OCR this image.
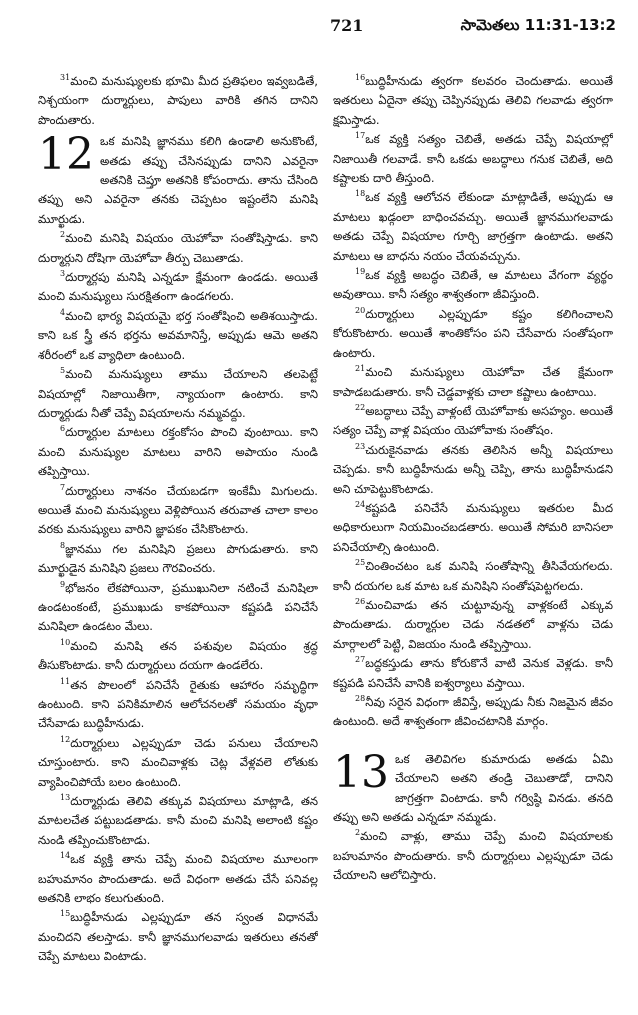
721	సామెతలు 11:31-13:2

$^{31}$మంచి మనుష్యులకు భూమి మీద ప్రతిఫలం ఇవ్వబడితే, నిశ్చయంగా దుర్మార్గులు, పాపులు వారికి తగిన దానిని పొందుతారు.

12 ఒక మనిషి జ్ఞానము కలిగి ఉండాలి అనుకొంటే, అతడు తప్పు చేసినప్పుడు దానిని ఎవరైనా అతనికి చెప్తూ అతనికి కోపంరాదు. తాను చేసింది తప్పు అని ఎవరైనా తనకు చెప్పటం ఇష్టంలేని మనిషి మూర్ఖుడు.

$^2$మంచి మనిషి విషయం యెహోవా సంతోషిస్తాడు. కాని దుర్మార్గుని దోషిగా యెహోవా తీర్పు చెబుతాడు.

$^3$దుర్మార్గపు మనిషి ఎన్నడూ క్షేమంగా ఉండడు. అయితే మంచి మనుష్యులు సురక్షితంగా ఉండగలరు.

$^4$మంచి భార్య విషయమై భర్త సంతోషించి అతిశయిస్తాడు. కాని ఒక స్త్రీ తన భర్తను అవమానిస్తే, అప్పుడు ఆమె అతని శరీరంలో ఒక వ్యాధిలా ఉంటుంది.

$^5$మంచి మనుష్యులు తాము చేయాలని తలపెట్టే విషయాల్లో నిజాయితీగా, న్యాయంగా ఉంటారు. కాని దుర్మార్గుడు నీతో చెప్పే విషయాలను నమ్మవద్దు.

$^6$దుర్మార్గుల మాటలు రక్తంకోసం పొంచి వుంటాయి. కాని మంచి మనుష్యుల మాటలు వారిని అపాయం నుండి తప్పిస్తాయి.

$^7$దుర్మార్గులు నాశనం చేయబడగా ఇంకేమీ మిగులదు. అయితే మంచి మనుష్యులు వెళ్లిపోయిన తరువాత చాలా కాలం వరకు మనుష్యులు వారిని జ్ఞాపకం చేసికొంటారు.

$^8$జ్ఞానము గల మనిషిని ప్రజలు పొగుడుతారు. కాని మూర్ఖుడైన మనిషిని ప్రజలు గౌరవించరు.

$^9$భోజనం లేకపోయినా, ప్రముఖునిలా నటించే మనిషిలా ఉండటంకంటే, ప్రముఖుడు కాకపోయినా కష్టపడి పనిచేసే మనిషిలా ఉండటం మేలు.

$^{10}$మంచి మనిషి తన పశువుల విషయం శ్రద్ధ తీసుకొంటాడు. కానీ దుర్మార్గులు దయగా ఉండలేరు.

$^{11}$తన పొలంలో పనిచేసే రైతుకు ఆహారం సమృద్ధిగా ఉంటుంది. కాని పనికిమాలిన ఆలోచనలతో సమయం వృధా చేసేవాడు బుద్ధిహీనుడు.

$^{12}$దుర్మార్గులు ఎల్లప్పుడూ చెడు పనులు చేయాలని చూస్తుంటారు. కాని మంచివాళ్లకు చెట్ల వేళ్లవలె లోతుకు వ్యాపించిపోయే బలం ఉంటుంది.

$^{13}$దుర్మార్గుడు తెలివి తక్కువ విషయాలు మాట్లాడి, తన మాటలచేత పట్టుబడతాడు. కానీ మంచి మనిషి అలాంటి కష్టం నుండి తప్పించుకొంటాడు.

$^{14}$ఒక వ్యక్తి తాను చెప్పే మంచి విషయాల మూలంగా బహుమానం పొందుతాడు. అదే విధంగా అతడు చేసే పనివల్ల అతనికి లాభం కలుగుతుంది.

$^{15}$బుద్ధిహీనుడు ఎల్లప్పుడూ తన స్వంత విధానమే మంచిదని తలస్తాడు. కానీ జ్ఞానముగలవాడు ఇతరులు తనతో చెప్పే మాటలు వింటాడు.

$^{16}$బుద్ధిహీనుడు త్వరగా కలవరం చెందుతాడు. అయితే ఇతరులు ఏదైనా తప్పు చెప్పినప్పుడు తెలివి గలవాడు త్వరగా క్షమిస్తాడు.

$^{17}$ఒక వ్యక్తి సత్యం చెబితే, అతడు చెప్పే విషయాల్లో నిజాయితీ గలవాడే. కానీ ఒకడు అబద్ధాలు గనుక చెబితే, అది కష్టాలకు దారి తీస్తుంది.

$^{18}$ఒక వ్యక్తి ఆలోచన లేకుండా మాట్లాడితే, అప్పుడు ఆ మాటలు ఖడ్గంలా బాధించవచ్చు. అయితే జ్ఞానముగలవాడు అతడు చెప్పే విషయాల గూర్చి జాగ్రత్తగా ఉంటాడు. అతని మాటలు ఆ బాధను నయం చేయవచ్చును.

$^{19}$ఒక వ్యక్తి అబద్ధం చెబితే, ఆ మాటలు వేగంగా వ్యర్థం అవుతాయి. కానీ సత్యం శాశ్వతంగా జీవిస్తుంది.

$^{20}$దుర్మార్గులు ఎల్లప్పుడూ కష్టం కలిగించాలని కోరుకొంటారు. అయితే శాంతికోసం పని చేసేవారు సంతోషంగా ఉంటారు.

$^{21}$మంచి మనుష్యులు యెహోవా చేత క్షేమంగా కాపాడబడుతారు. కానీ చెడ్డవాళ్లకు చాలా కష్టాలు ఉంటాయి.

$^{22}$అబద్ధాలు చెప్పే వాళ్లంటే యెహోవాకు అసహ్యం. అయితే సత్యం చెప్పే వాళ్ల విషయం యెహోవాకు సంతోషం.

$^{23}$చురుకైనవాడు తనకు తెలిసిన అన్నీ విషయాలు చెప్పడు. కానీ బుద్ధిహీనుడు అన్నీ చెప్పి, తాను బుద్ధిహీనుడని అని చూపెట్టుకొంటాడు.

$^{24}$కష్టపడి పనిచేసే మనుష్యులు ఇతరుల మీద అధికారులుగా నియమించబడతారు. అయితే సోమరి బానిసలా పనిచేయాల్సి ఉంటుంది.

$^{25}$చింతించటం ఒక మనిషి సంతోషాన్ని తీసివేయగలదు. కానీ దయగల ఒక మాట ఒక మనిషిని సంతోషపెట్టగలదు.

$^{26}$మంచివాడు తన చుట్టూవున్న వాళ్లకంటే ఎక్కువ పొందుతాడు. దుర్మార్గుల చెడు నడతలో వాళ్లను చెడు మార్గాలలో పెట్టి, విజయం నుండి తప్పిస్తాయి.

$^{27}$బద్ధకస్తుడు తాను కోరుకొనే వాటి వెనుక వెళ్లడు. కానీ కష్టపడి పనిచేసే వానికి ఐశ్వర్యాలు వస్తాయి.

$^{28}$నీవు సరైన విధంగా జీవిస్తే, అప్పుడు నీకు నిజమైన జీవం ఉంటుంది. అదే శాశ్వతంగా జీవించటానికి మార్గం.

13 ఒక తెలివిగల కుమారుడు అతడు ఏమి చేయాలని అతని తండ్రి చెబుతాడో, దానిని జాగ్రత్తగా వింటాడు. కానీ గర్విష్ఠి వినడు. తనది తప్పు అని అతడు ఎన్నడూ నమ్మడు.

$^2$మంచి వాళ్లు, తాము చెప్పే మంచి విషయాలకు బహుమానం పొందుతారు. కానీ దుర్మార్గులు ఎల్లప్పుడూ చెడు చేయాలని ఆలోచిస్తారు.
